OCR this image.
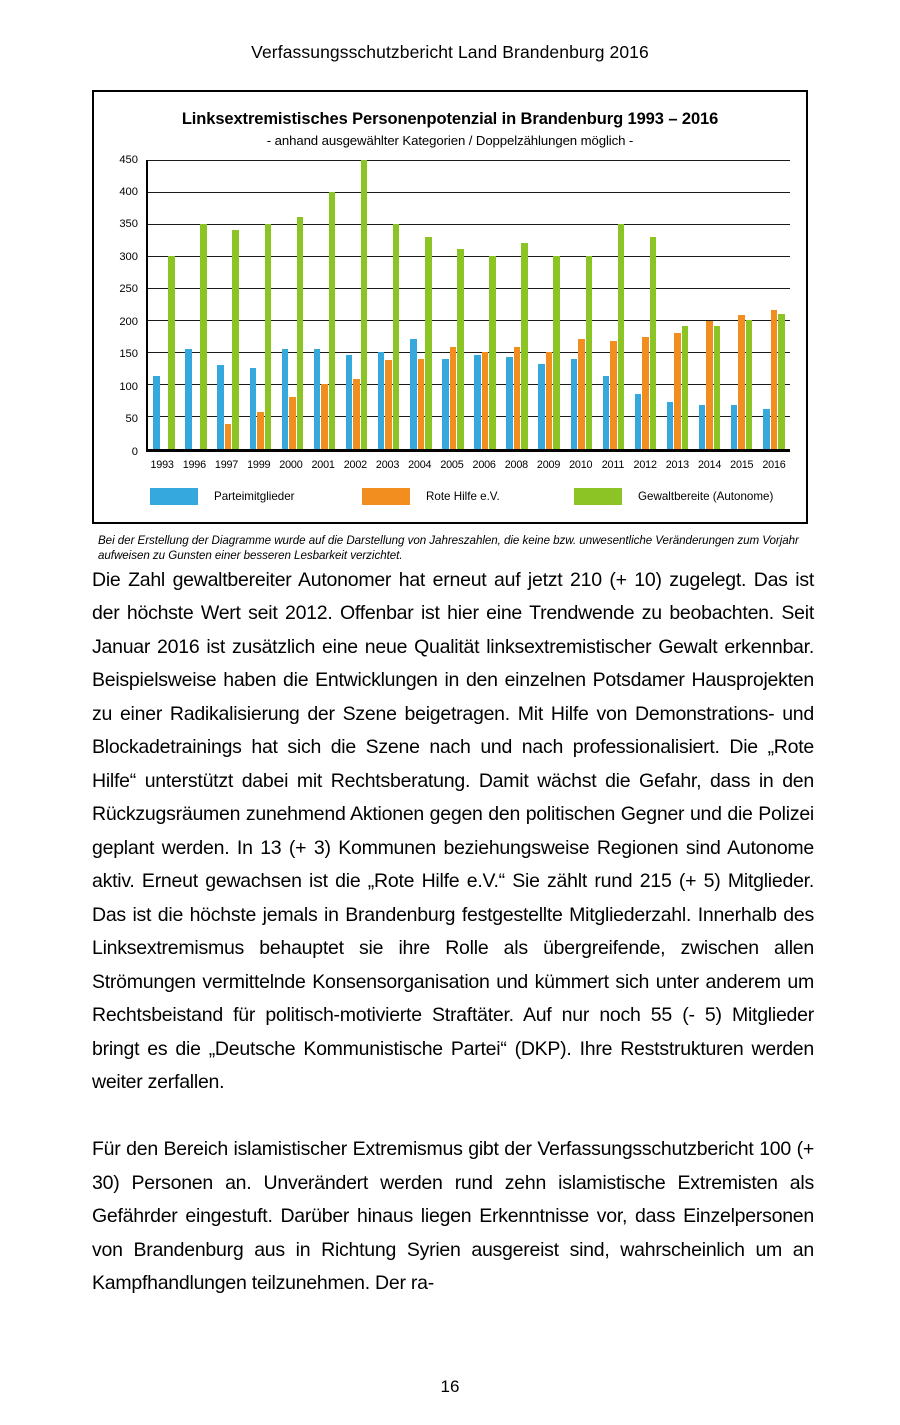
Verfassungsschutzbericht Land Brandenburg 2016
Linksextremistisches Personenpotenzial in Brandenburg 1993 – 2016
- anhand ausgewählter Kategorien / Doppelzählungen möglich -
0
50
100
150
200
250
300
350
400
450
1993 1996 1997 1999 2000 2001 2002 2003 2004 2005 2006 2008 2009 2010 2011 2012 2013 2014 2015 2016
Parteimitglieder	Rote Hilfe e.V.	Gewaltbereite (Autonome)
Bei der Erstellung der Diagramme wurde auf die Darstellung von Jahreszahlen, die keine bzw. unwesentliche Veränderungen zum Vorjahr aufweisen zu Gunsten einer besseren Lesbarkeit verzichtet.

Die Zahl gewaltbereiter Autonomer hat erneut auf jetzt 210 (+ 10) zugelegt. Das ist der höchste Wert seit 2012. Offenbar ist hier eine Trendwende zu beobachten. Seit Januar 2016 ist zusätzlich eine neue Qualität linksextremistischer Gewalt erkennbar. Beispielsweise haben die Entwicklungen in den einzelnen Potsdamer Hausprojekten zu einer Radikalisierung der Szene beigetragen. Mit Hilfe von Demonstrations- und Blockadetrainings hat sich die Szene nach und nach professionalisiert. Die „Rote Hilfe“ unterstützt dabei mit Rechtsberatung. Damit wächst die Gefahr, dass in den Rückzugsräumen zunehmend Aktionen gegen den politischen Gegner und die Polizei geplant werden. In 13 (+ 3) Kommunen beziehungsweise Regionen sind Autonome aktiv. Erneut gewachsen ist die „Rote Hilfe e.V.“ Sie zählt rund 215 (+ 5) Mitglieder. Das ist die höchste jemals in Brandenburg festgestellte Mitgliederzahl. Innerhalb des Linksextremismus behauptet sie ihre Rolle als übergreifende, zwischen allen Strömungen vermittelnde Konsensorganisation und kümmert sich unter anderem um Rechtsbeistand für politisch-motivierte Straftäter. Auf nur noch 55 (- 5) Mitglieder bringt es die „Deutsche Kommunistische Partei“ (DKP). Ihre Reststrukturen werden weiter zerfallen.

Für den Bereich islamistischer Extremismus gibt der Verfassungsschutzbericht 100 (+ 30) Personen an. Unverändert werden rund zehn islamistische Extremisten als Gefährder eingestuft. Darüber hinaus liegen Erkenntnisse vor, dass Einzelpersonen von Brandenburg aus in Richtung Syrien ausgereist sind, wahrscheinlich um an Kampfhandlungen teilzunehmen. Der ra-

16
